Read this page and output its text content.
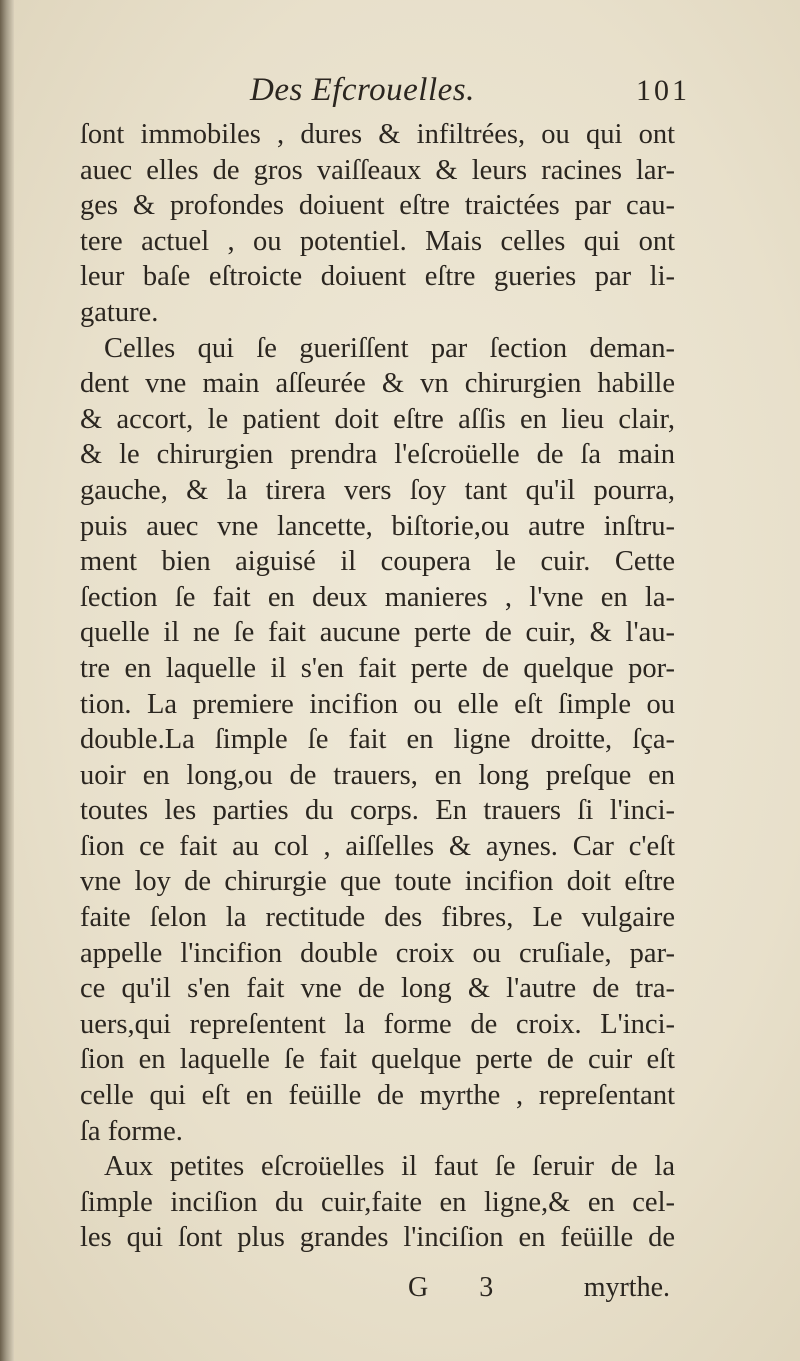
Des Efcrouelles.	101
ſont immobiles , dures & infiltrées, ou qui ont
auec elles de gros vaiſſeaux & leurs racines lar-
ges & profondes doiuent eſtre traictées par cau-
tere actuel , ou potentiel. Mais celles qui ont
leur baſe eſtroicte doiuent eſtre gueries par li-
gature.
Celles qui ſe gueriſſent par ſection deman-
dent vne main aſſeurée & vn chirurgien habille
& accort, le patient doit eſtre aſſis en lieu clair,
& le chirurgien prendra l'eſcroüelle de ſa main
gauche, & la tirera vers ſoy tant qu'il pourra,
puis auec vne lancette, biſtorie,ou autre inſtru-
ment bien aiguisé il coupera le cuir. Cette
ſection ſe fait en deux manieres , l'vne en la-
quelle il ne ſe fait aucune perte de cuir, & l'au-
tre en laquelle il s'en fait perte de quelque por-
tion. La premiere incifion ou elle eſt ſimple ou
double.La ſimple ſe fait en ligne droitte, ſça-
uoir en long,ou de trauers, en long preſque en
toutes les parties du corps. En trauers ſi l'inci-
ſion ce fait au col , aiſſelles & aynes. Car c'eſt
vne loy de chirurgie que toute incifion doit eſtre
faite ſelon la rectitude des fibres, Le vulgaire
appelle l'incifion double croix ou cruſiale, par-
ce qu'il s'en fait vne de long & l'autre de tra-
uers,qui repreſentent la forme de croix. L'inci-
ſion en laquelle ſe fait quelque perte de cuir eſt
celle qui eſt en feüille de myrthe , repreſentant
ſa forme.
Aux petites eſcroüelles il faut ſe ſeruir de la
ſimple inciſion du cuir,faite en ligne,& en cel-
les qui ſont plus grandes l'inciſion en feüille de
G 3 myrthe.
